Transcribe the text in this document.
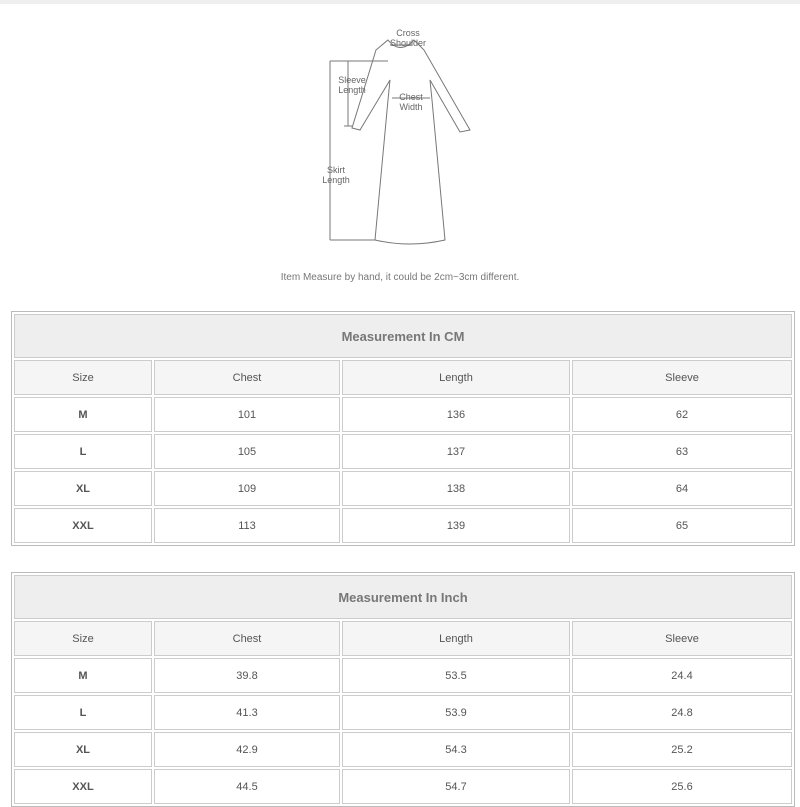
Cross Shoulder
Sleeve Length
Chest Width
Skirt Length
Item Measure by hand, it could be 2cm~3cm different.
Measurement In CM			
Size	Chest	Length	Sleeve
M	101	136	62
L	105	137	63
XL	109	138	64
XXL	113	139	65
Measurement In Inch			
Size	Chest	Length	Sleeve
M	39.8	53.5	24.4
L	41.3	53.9	24.8
XL	42.9	54.3	25.2
XXL	44.5	54.7	25.6
